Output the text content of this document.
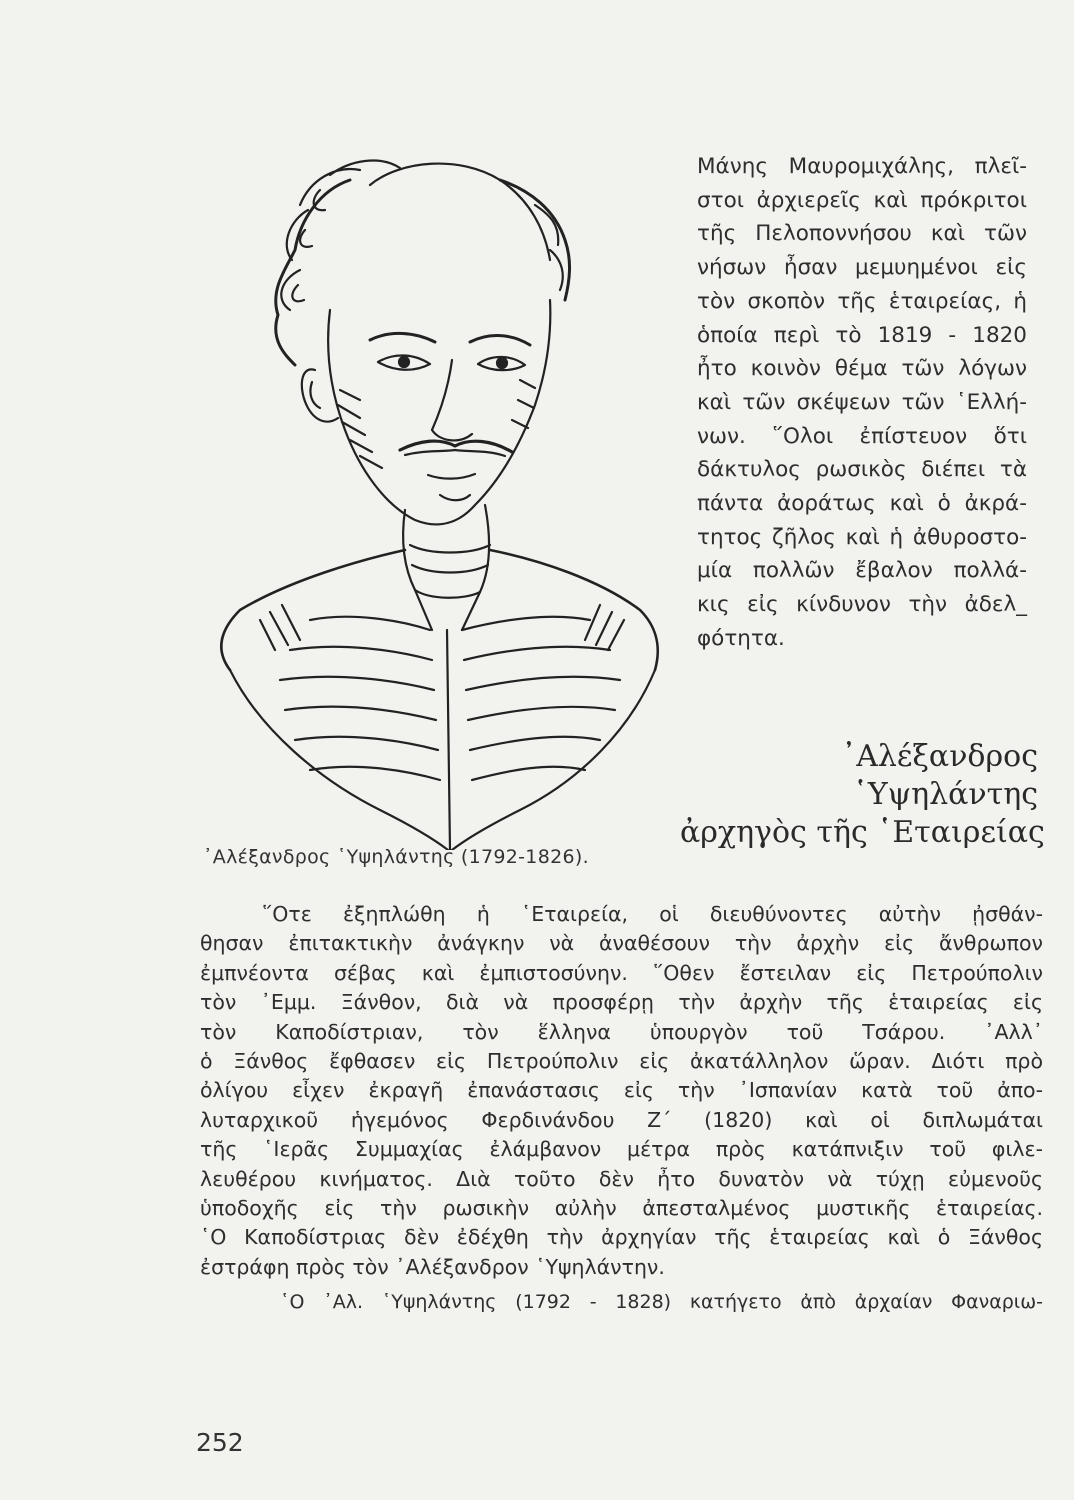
᾿Αλέξανδρος ῾Υψηλάντης (1792-1826).
Μάνης Μαυρομιχάλης, πλεῖ-
στοι ἀρχιερεῖς καὶ πρόκριτοι
τῆς Πελοποννήσου καὶ τῶν
νήσων ἦσαν μεμυημένοι εἰς
τὸν σκοπὸν τῆς ἑταιρείας, ἡ
ὁποία περὶ τὸ 1819 - 1820
ἦτο κοινὸν θέμα τῶν λόγων
καὶ τῶν σκέψεων τῶν ῾Ελλή-
νων. ῞Ολοι ἐπίστευον ὅτι
δάκτυλος ρωσικὸς διέπει τὰ
πάντα ἀοράτως καὶ ὁ ἀκρά-
τητος ζῆλος καὶ ἡ ἀθυροστο-
μία πολλῶν ἔβαλον πολλά-
κις εἰς κίνδυνον τὴν ἀδελ_
φότητα.
᾿Αλέξανδρος
῾Υψηλάντης
ἀρχηγὸς τῆς ῾Εταιρείας
῞Οτε ἐξηπλώθη ἡ ῾Εταιρεία, οἱ διευθύνοντες αὐτὴν ᾐσθάν-
θησαν ἐπιτακτικὴν ἀνάγκην νὰ ἀναθέσουν τὴν ἀρχὴν εἰς ἄνθρωπον
ἐμπνέοντα σέβας καὶ ἐμπιστοσύνην. ῞Οθεν ἔστειλαν εἰς Πετρούπολιν
τὸν ᾿Εμμ. Ξάνθον, διὰ νὰ προσφέρῃ τὴν ἀρχὴν τῆς ἑταιρείας εἰς
τὸν Καποδίστριαν, τὸν ἕλληνα ὑπουργὸν τοῦ Τσάρου. ᾿Αλλ᾿
ὁ Ξάνθος ἔφθασεν εἰς Πετρούπολιν εἰς ἀκατάλληλον ὥραν. Διότι πρὸ
ὀλίγου εἶχεν ἐκραγῆ ἐπανάστασις εἰς τὴν ᾿Ισπανίαν κατὰ τοῦ ἀπο-
λυταρχικοῦ ἡγεμόνος Φερδινάνδου Ζ΄ (1820) καὶ οἱ διπλωμάται
τῆς ῾Ιερᾶς Συμμαχίας ἐλάμβανον μέτρα πρὸς κατάπνιξιν τοῦ φιλε-
λευθέρου κινήματος. Διὰ τοῦτο δὲν ἦτο δυνατὸν νὰ τύχῃ εὐμενοῦς
ὑποδοχῆς εἰς τὴν ρωσικὴν αὐλὴν ἀπεσταλμένος μυστικῆς ἑταιρείας.
῾Ο Καποδίστριας δὲν ἐδέχθη τὴν ἀρχηγίαν τῆς ἑταιρείας καὶ ὁ Ξάνθος
ἐστράφη πρὸς τὸν ᾿Αλέξανδρον ῾Υψηλάντην.
῾Ο ᾿Αλ. ῾Υψηλάντης (1792 - 1828) κατήγετο ἀπὸ ἀρχαίαν Φαναριω-
252
